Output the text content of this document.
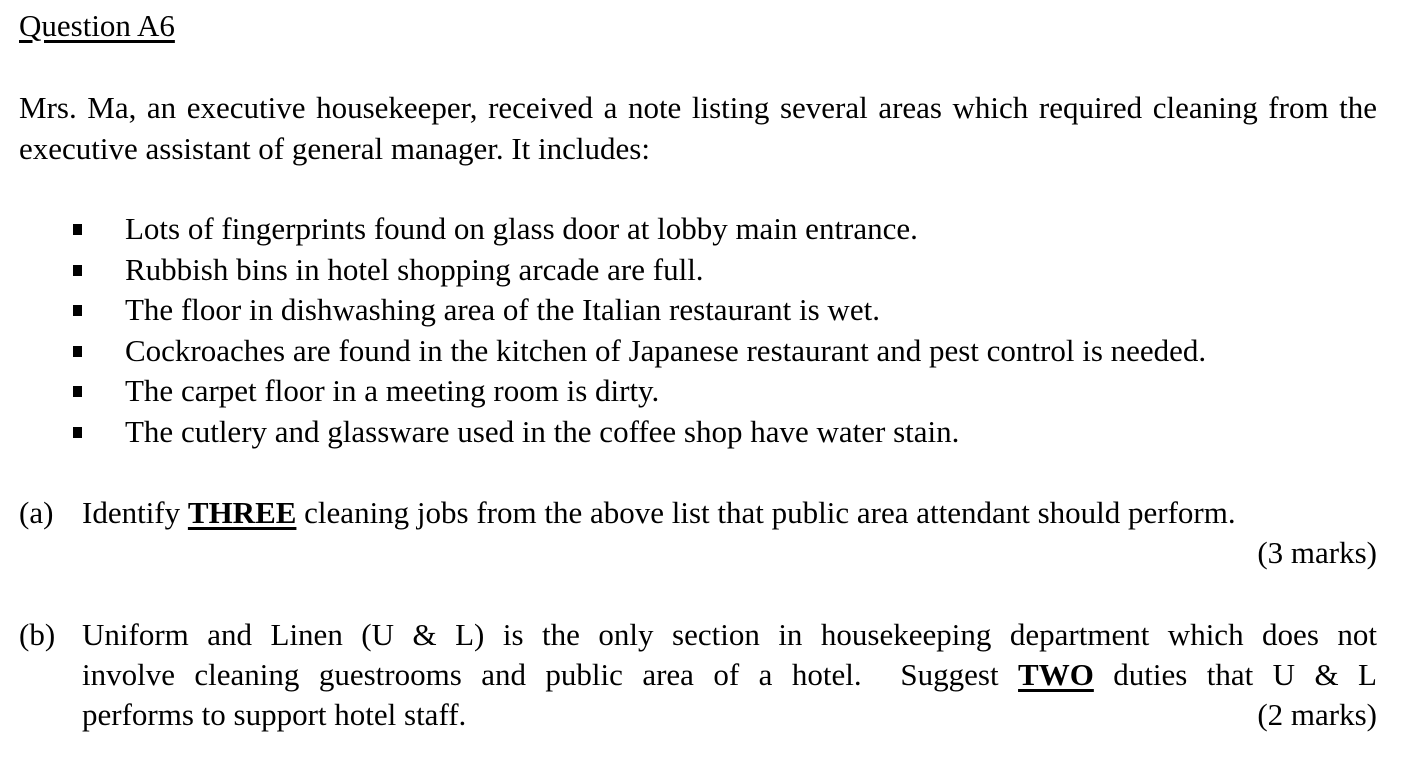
Question A6

Mrs. Ma, an executive housekeeper, received a note listing several areas which required cleaning from the executive assistant of general manager. It includes:

Lots of fingerprints found on glass door at lobby main entrance.
Rubbish bins in hotel shopping arcade are full.
The floor in dishwashing area of the Italian restaurant is wet.
Cockroaches are found in the kitchen of Japanese restaurant and pest control is needed.
The carpet floor in a meeting room is dirty.
The cutlery and glassware used in the coffee shop have water stain.
(a) Identify THREE cleaning jobs from the above list that public area attendant should perform.
(3 marks)
(b) Uniform and Linen (U & L) is the only section in housekeeping department which does not
involve cleaning guestrooms and public area of a hotel.  Suggest TWO duties that U & L
performs to support hotel staff.	(2 marks)
